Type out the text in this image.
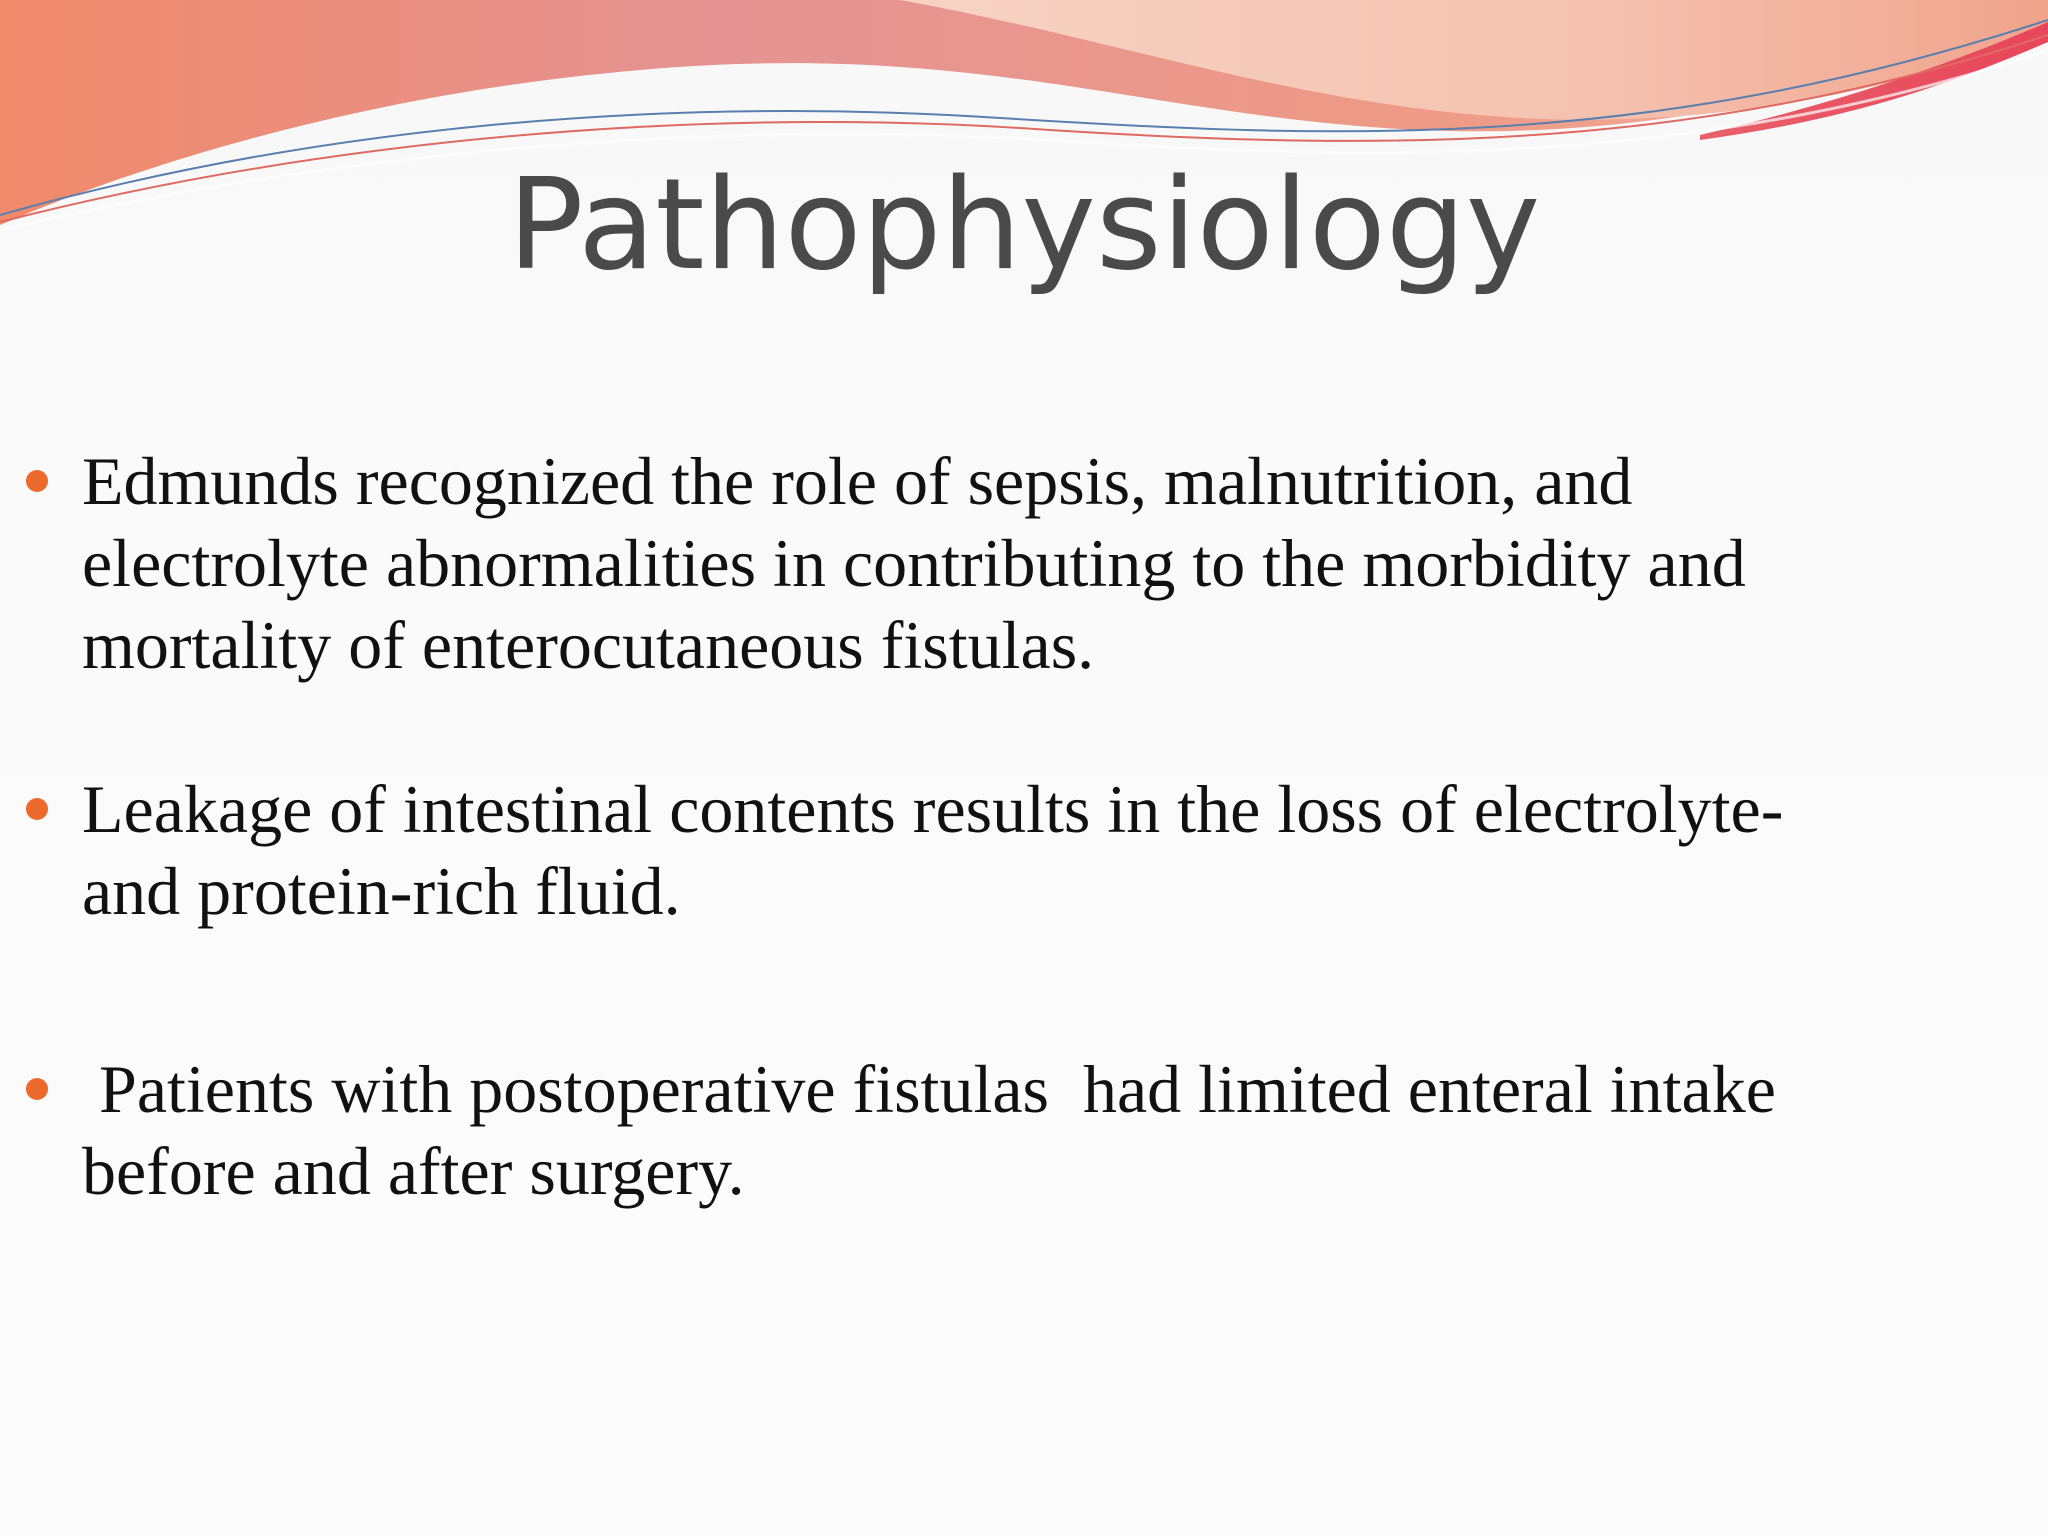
Pathophysiology
Edmunds recognized the role of sepsis, malnutrition, and
electrolyte abnormalities in contributing to the morbidity and
mortality of enterocutaneous fistulas.
Leakage of intestinal contents results in the loss of electrolyte-
and protein-rich fluid.
Patients with postoperative fistulas  had limited enteral intake
before and after surgery.
